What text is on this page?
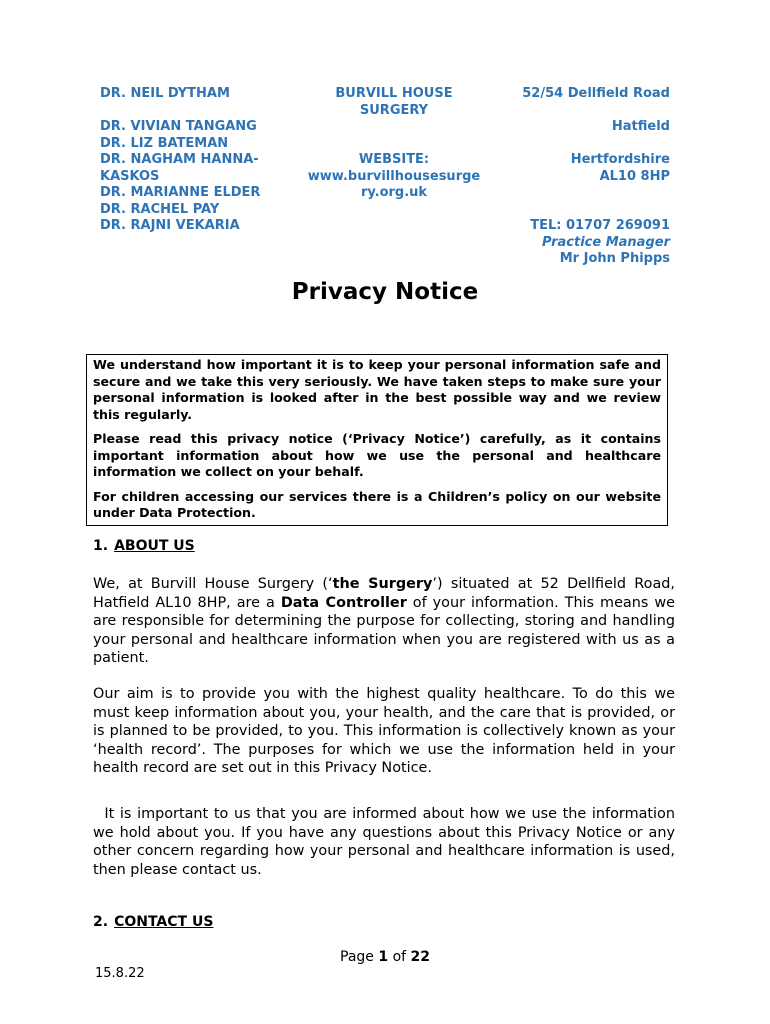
DR. NEIL DYTHAM
DR. VIVIAN TANGANG
DR. LIZ BATEMAN
DR. NAGHAM HANNA-
KASKOS
DR. MARIANNE ELDER
DR. RACHEL PAY
DR. RAJNI VEKARIA
BURVILL HOUSE
SURGERY
WEBSITE:
www.burvillhousesurge
ry.org.uk
52/54 Dellfield Road
Hatfield
Hertfordshire
AL10 8HP
TEL: 01707 269091
Practice Manager
Mr John Phipps
Privacy Notice

We understand how important it is to keep your personal information safe and secure and we take this very seriously. We have taken steps to make sure your personal information is looked after in the best possible way and we review this regularly.

Please read this privacy notice (‘Privacy Notice’) carefully, as it contains important information about how we use the personal and healthcare information we collect on your behalf.

For children accessing our services there is a Children’s policy on our website under Data Protection.

1. ABOUT US

We, at Burvill House Surgery (‘the Surgery’) situated at 52 Dellfield Road, Hatfield AL10 8HP, are a Data Controller of your information. This means we are responsible for determining the purpose for collecting, storing and handling your personal and healthcare information when you are registered with us as a patient.

Our aim is to provide you with the highest quality healthcare. To do this we must keep information about you, your health, and the care that is provided, or is planned to be provided, to you. This information is collectively known as your ‘health record’. The purposes for which we use the information held in your health record are set out in this Privacy Notice.

It is important to us that you are informed about how we use the information we hold about you. If you have any questions about this Privacy Notice or any other concern regarding how your personal and healthcare information is used, then please contact us.

2. CONTACT US
Page 1 of 22
15.8.22
